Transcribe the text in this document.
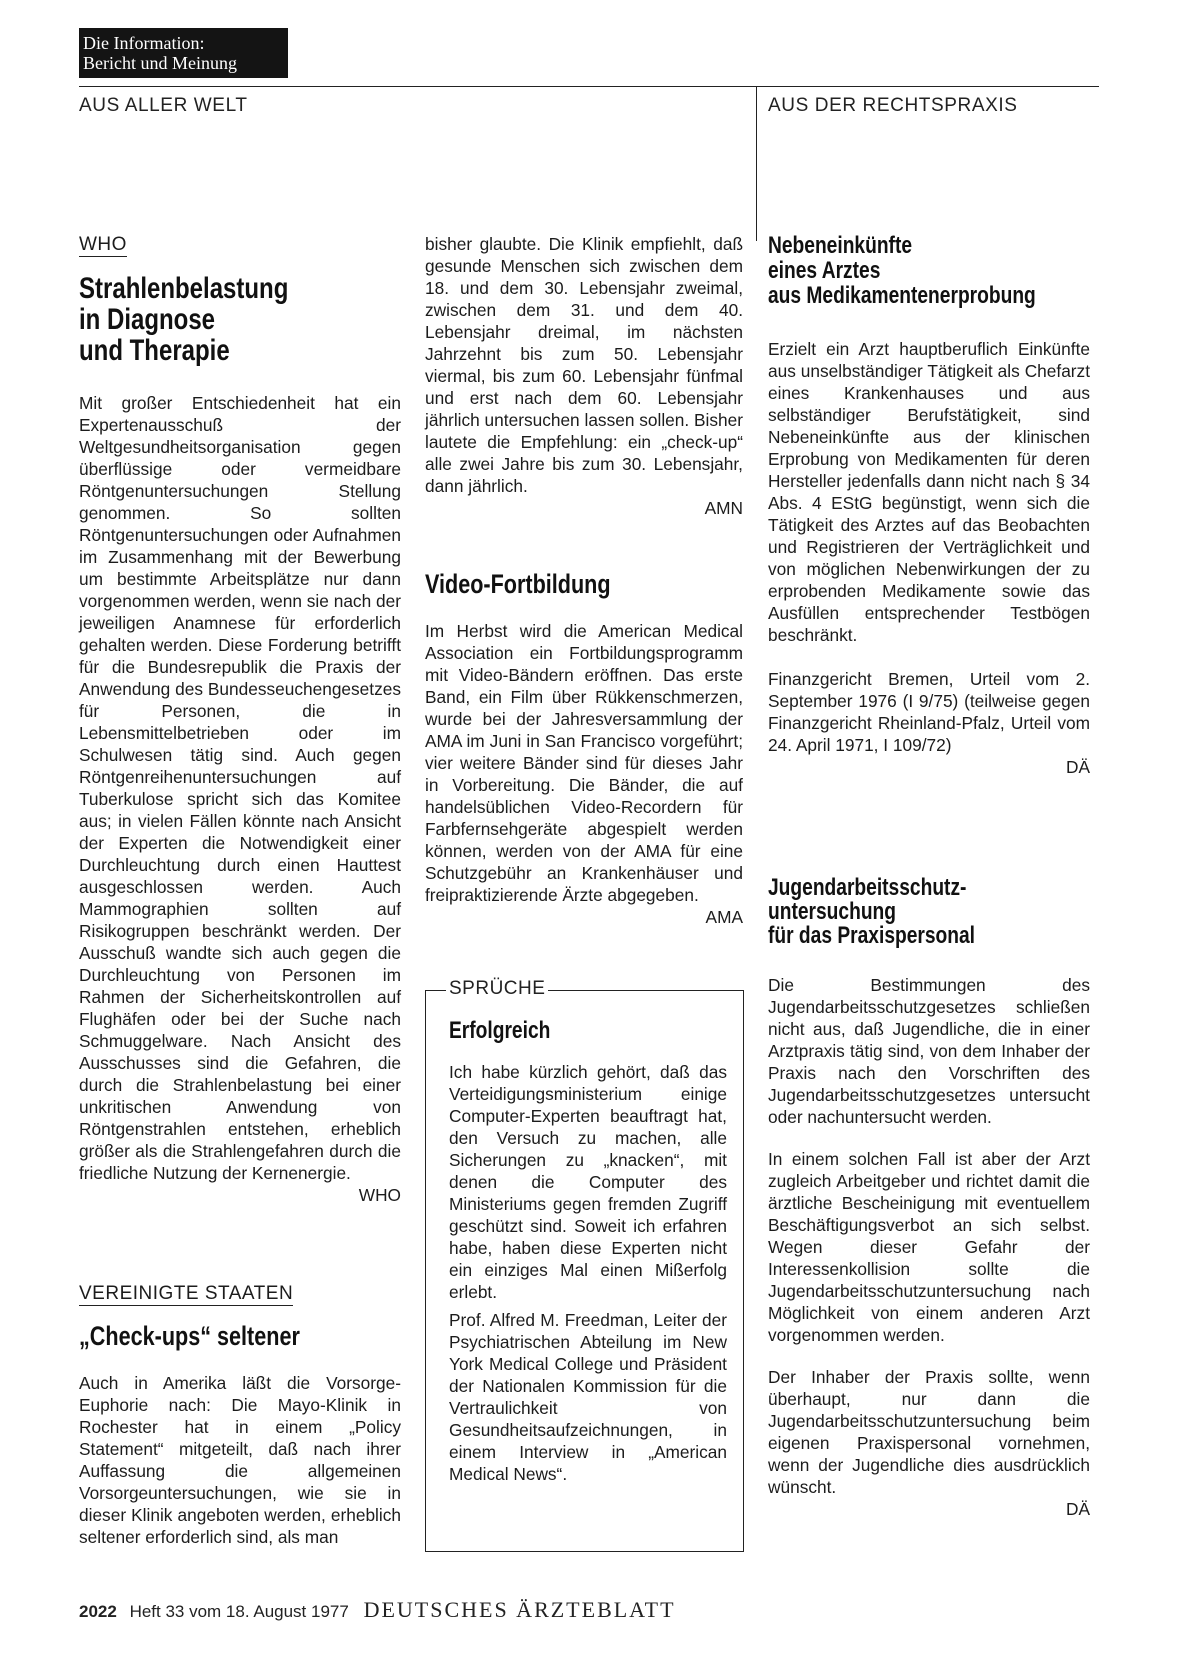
Die Information:
Bericht und Meinung
AUS ALLER WELT	AUS DER RECHTSPRAXIS
WHO
Strahlenbelastung
in Diagnose
und Therapie
Mit großer Entschiedenheit hat ein Expertenausschuß der Weltgesundheitsorganisation gegen überflüssige oder vermeidbare Röntgenuntersuchungen Stellung genommen. So sollten Röntgenuntersuchungen oder Aufnahmen im Zusammenhang mit der Bewerbung um bestimmte Arbeitsplätze nur dann vorgenommen werden, wenn sie nach der jeweiligen Anamnese für erforderlich gehalten werden. Diese Forderung betrifft für die Bundesrepublik die Praxis der Anwendung des Bundesseuchengesetzes für Personen, die in Lebensmittelbetrieben oder im Schulwesen tätig sind. Auch gegen Röntgenreihenuntersuchungen auf Tuberkulose spricht sich das Komitee aus; in vielen Fällen könnte nach Ansicht der Experten die Notwendigkeit einer Durchleuchtung durch einen Hauttest ausgeschlossen werden. Auch Mammographien sollten auf Risikogruppen beschränkt werden. Der Ausschuß wandte sich auch gegen die Durchleuchtung von Personen im Rahmen der Sicherheitskontrollen auf Flughäfen oder bei der Suche nach Schmuggelware. Nach Ansicht des Ausschusses sind die Gefahren, die durch die Strahlenbelastung bei einer unkritischen Anwendung von Röntgenstrahlen entstehen, erheblich größer als die Strahlengefahren durch die friedliche Nutzung der Kernenergie.
WHO
VEREINIGTE STAATEN
„Check-ups“ seltener
Auch in Amerika läßt die Vorsorge-Euphorie nach: Die Mayo-Klinik in Rochester hat in einem „Policy Statement“ mitgeteilt, daß nach ihrer Auffassung die allgemeinen Vorsorgeuntersuchungen, wie sie in dieser Klinik angeboten werden, erheblich seltener erforderlich sind, als man
bisher glaubte. Die Klinik empfiehlt, daß gesunde Menschen sich zwischen dem 18. und dem 30. Lebensjahr zweimal, zwischen dem 31. und dem 40. Lebensjahr dreimal, im nächsten Jahrzehnt bis zum 50. Lebensjahr viermal, bis zum 60. Lebensjahr fünfmal und erst nach dem 60. Lebensjahr jährlich untersuchen lassen sollen. Bisher lautete die Empfehlung: ein „check-up“ alle zwei Jahre bis zum 30. Lebensjahr, dann jährlich.
AMN
Video-Fortbildung
Im Herbst wird die American Medical Association ein Fortbildungsprogramm mit Video-Bändern eröffnen. Das erste Band, ein Film über Rükkenschmerzen, wurde bei der Jahresversammlung der AMA im Juni in San Francisco vorgeführt; vier weitere Bänder sind für dieses Jahr in Vorbereitung. Die Bänder, die auf handelsüblichen Video-Recordern für Farbfernsehgeräte abgespielt werden können, werden von der AMA für eine Schutzgebühr an Krankenhäuser und freipraktizierende Ärzte abgegeben.
AMA
SPRÜCHE
Erfolgreich
Ich habe kürzlich gehört, daß das Verteidigungsministerium einige Computer-Experten beauftragt hat, den Versuch zu machen, alle Sicherungen zu „knacken“, mit denen die Computer des Ministeriums gegen fremden Zugriff geschützt sind. Soweit ich erfahren habe, haben diese Experten nicht ein einziges Mal einen Mißerfolg erlebt.
Prof. Alfred M. Freedman, Leiter der Psychiatrischen Abteilung im New York Medical College und Präsident der Nationalen Kommission für die Vertraulichkeit von Gesundheitsaufzeichnungen, in einem Interview in „American Medical News“.
Nebeneinkünfte
eines Arztes
aus Medikamentenerprobung
Erzielt ein Arzt hauptberuflich Einkünfte aus unselbständiger Tätigkeit als Chefarzt eines Krankenhauses und aus selbständiger Berufstätigkeit, sind Nebeneinkünfte aus der klinischen Erprobung von Medikamenten für deren Hersteller jedenfalls dann nicht nach § 34 Abs. 4 EStG begünstigt, wenn sich die Tätigkeit des Arztes auf das Beobachten und Registrieren der Verträglichkeit und von möglichen Nebenwirkungen der zu erprobenden Medikamente sowie das Ausfüllen entsprechender Testbögen beschränkt.
Finanzgericht Bremen, Urteil vom 2. September 1976 (I 9/75) (teilweise gegen Finanzgericht Rheinland-Pfalz, Urteil vom 24. April 1971, I 109/72)
DÄ
Jugendarbeitsschutz-
untersuchung
für das Praxispersonal
Die Bestimmungen des Jugendarbeitsschutzgesetzes schließen nicht aus, daß Jugendliche, die in einer Arztpraxis tätig sind, von dem Inhaber der Praxis nach den Vorschriften des Jugendarbeitsschutzgesetzes untersucht oder nachuntersucht werden.
In einem solchen Fall ist aber der Arzt zugleich Arbeitgeber und richtet damit die ärztliche Bescheinigung mit eventuellem Beschäftigungsverbot an sich selbst. Wegen dieser Gefahr der Interessenkollision sollte die Jugendarbeitsschutzuntersuchung nach Möglichkeit von einem anderen Arzt vorgenommen werden.
Der Inhaber der Praxis sollte, wenn überhaupt, nur dann die Jugendarbeitsschutzuntersuchung beim eigenen Praxispersonal vornehmen, wenn der Jugendliche dies ausdrücklich wünscht.
DÄ
2022 Heft 33 vom 18. August 1977 DEUTSCHES ÄRZTEBLATT
